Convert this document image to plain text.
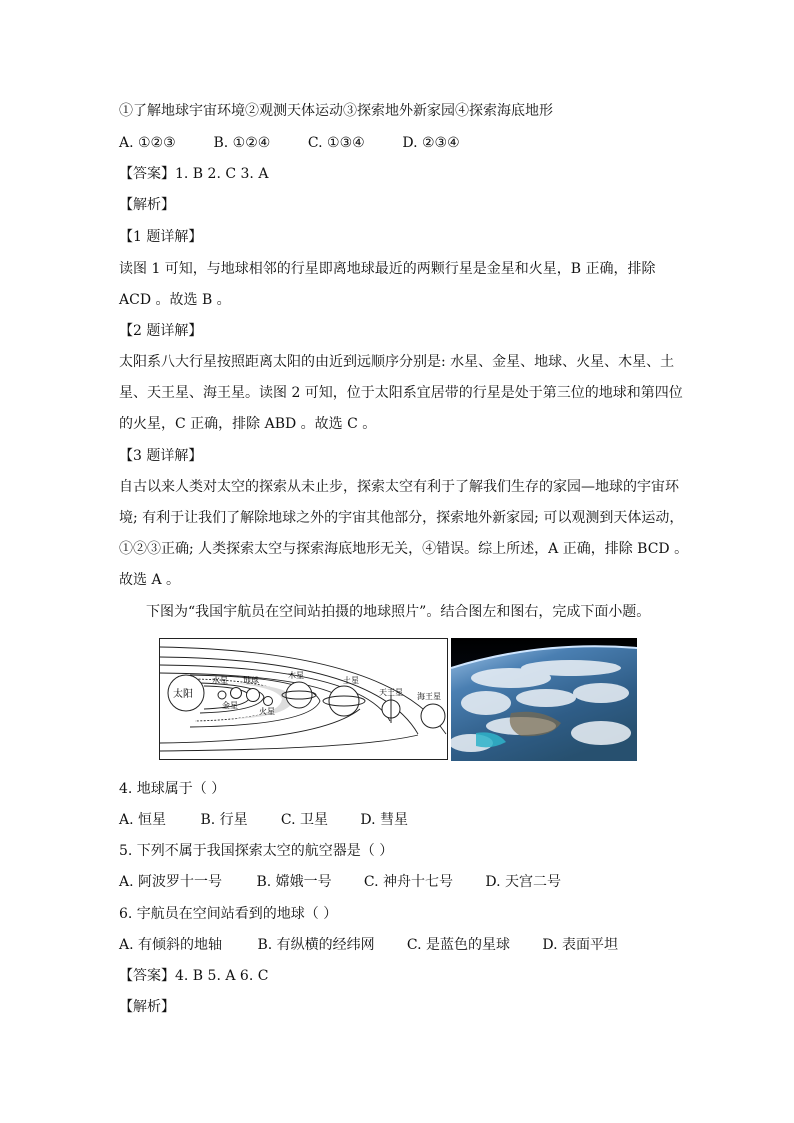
①了解地球宇宙环境②观测天体运动③探索地外新家园④探索海底地形
A. ①②③	B. ①②④	C. ①③④	D. ②③④
【答案】1. B 2. C 3. A
【解析】
【1 题详解】
读图 1 可知，与地球相邻的行星即离地球最近的两颗行星是金星和火星，B 正确，排除
ACD 。故选 B 。
【2 题详解】
太阳系八大行星按照距离太阳的由近到远顺序分别是: 水星、金星、地球、火星、木星、土
星、天王星、海王星。读图 2 可知，位于太阳系宜居带的行星是处于第三位的地球和第四位
的火星，C 正确，排除 ABD 。故选 C 。
【3 题详解】
自古以来人类对太空的探索从未止步，探索太空有利于了解我们生存的家园—地球的宇宙环
境; 有利于让我们了解除地球之外的宇宙其他部分，探索地外新家园; 可以观测到天体运动，
①②③正确; 人类探索太空与探索海底地形无关，④错误。综上所述，A 正确，排除 BCD 。
故选 A 。
下图为“我国宇航员在空间站拍摄的地球照片”。结合图左和图右，完成下面小题。
太阳
水星
金星
地球
火星
木星
土星
天王星 海王星
4. 地球属于（ ）
A. 恒星 B. 行星 C. 卫星 D. 彗星
5. 下列不属于我国探索太空的航空器是（ ）
A. 阿波罗十一号 B. 嫦娥一号 C. 神舟十七号 D. 天宫二号
6. 宇航员在空间站看到的地球（ ）
A. 有倾斜的地轴	B. 有纵横的经纬网 C. 是蓝色的星球 D. 表面平坦
【答案】4. B 5. A 6. C
【解析】
